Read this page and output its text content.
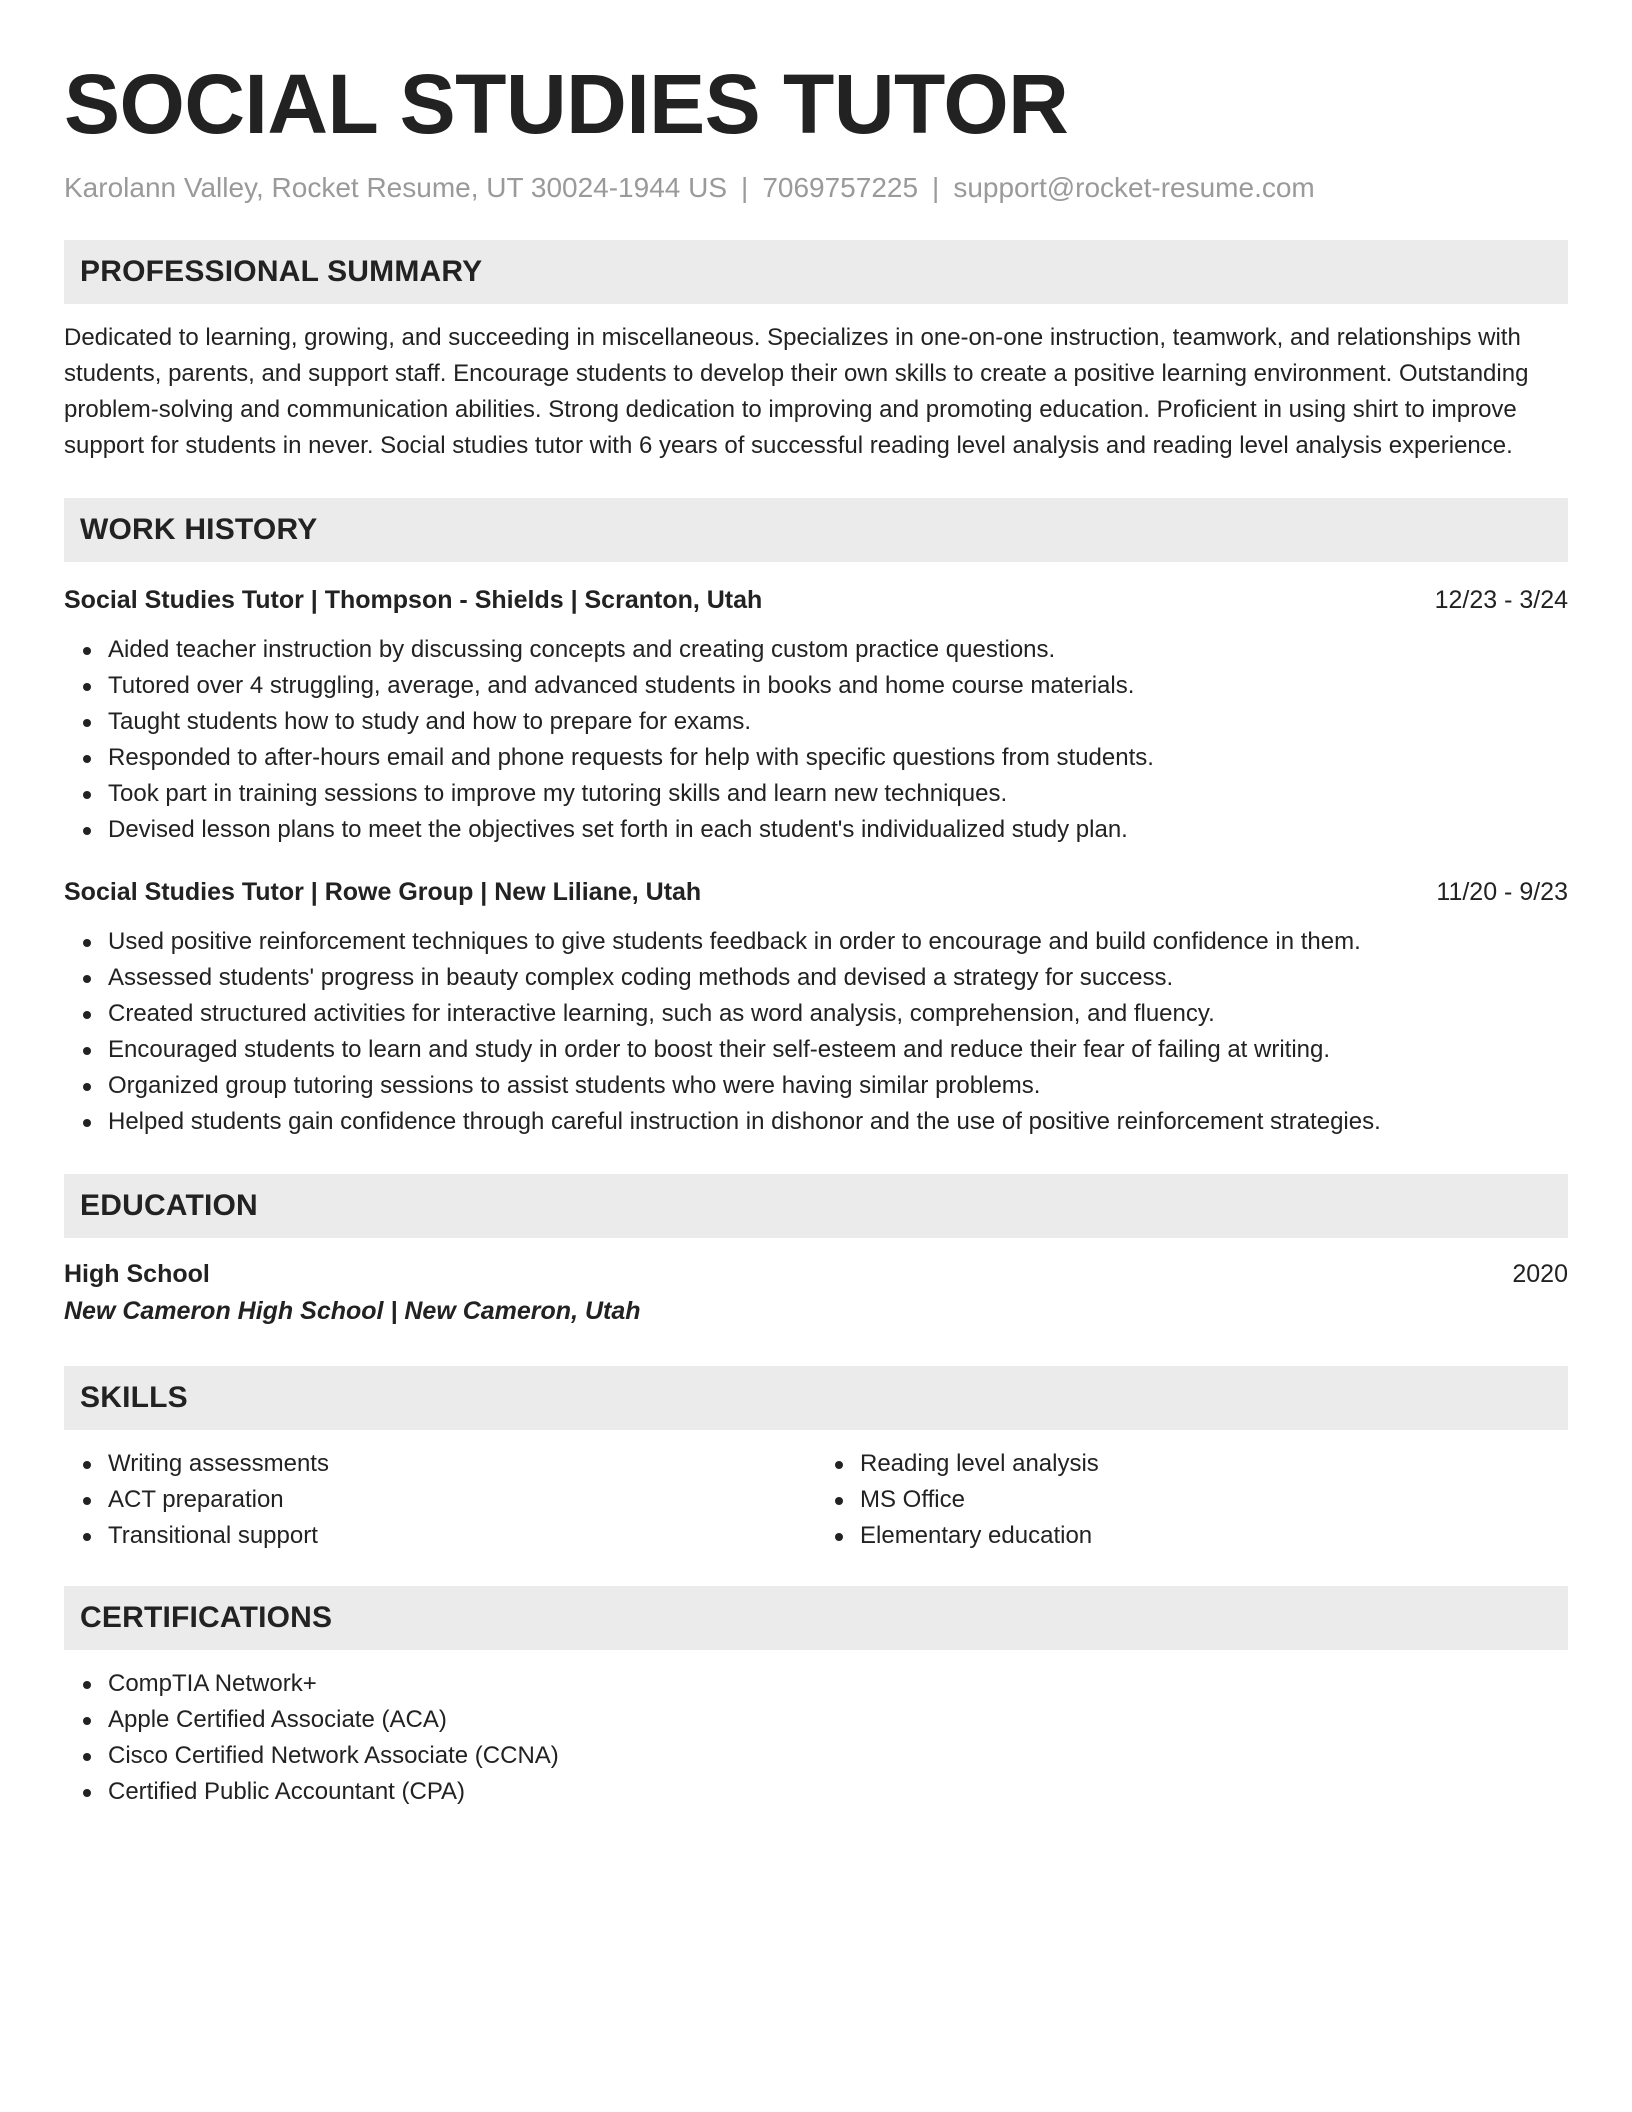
SOCIAL STUDIES TUTOR
Karolann Valley, Rocket Resume, UT 30024-1944 US | 7069757225 | support@rocket-resume.com
PROFESSIONAL SUMMARY

Dedicated to learning, growing, and succeeding in miscellaneous. Specializes in one-on-one instruction, teamwork, and relationships with students, parents, and support staff. Encourage students to develop their own skills to create a positive learning environment. Outstanding problem-solving and communication abilities. Strong dedication to improving and promoting education. Proficient in using shirt to improve support for students in never. Social studies tutor with 6 years of successful reading level analysis and reading level analysis experience.

WORK HISTORY
Social Studies Tutor | Thompson - Shields | Scranton, Utah	12/23 - 3/24
Aided teacher instruction by discussing concepts and creating custom practice questions.
Tutored over 4 struggling, average, and advanced students in books and home course materials.
Taught students how to study and how to prepare for exams.
Responded to after-hours email and phone requests for help with specific questions from students.
Took part in training sessions to improve my tutoring skills and learn new techniques.
Devised lesson plans to meet the objectives set forth in each student's individualized study plan.
Social Studies Tutor | Rowe Group | New Liliane, Utah	11/20 - 9/23
Used positive reinforcement techniques to give students feedback in order to encourage and build confidence in them.
Assessed students' progress in beauty complex coding methods and devised a strategy for success.
Created structured activities for interactive learning, such as word analysis, comprehension, and fluency.
Encouraged students to learn and study in order to boost their self-esteem and reduce their fear of failing at writing.
Organized group tutoring sessions to assist students who were having similar problems.
Helped students gain confidence through careful instruction in dishonor and the use of positive reinforcement strategies.
EDUCATION
High School	2020
New Cameron High School | New Cameron, Utah
SKILLS
Writing assessments
ACT preparation
Transitional support
Reading level analysis
MS Office
Elementary education
CERTIFICATIONS
CompTIA Network+
Apple Certified Associate (ACA)
Cisco Certified Network Associate (CCNA)
Certified Public Accountant (CPA)
